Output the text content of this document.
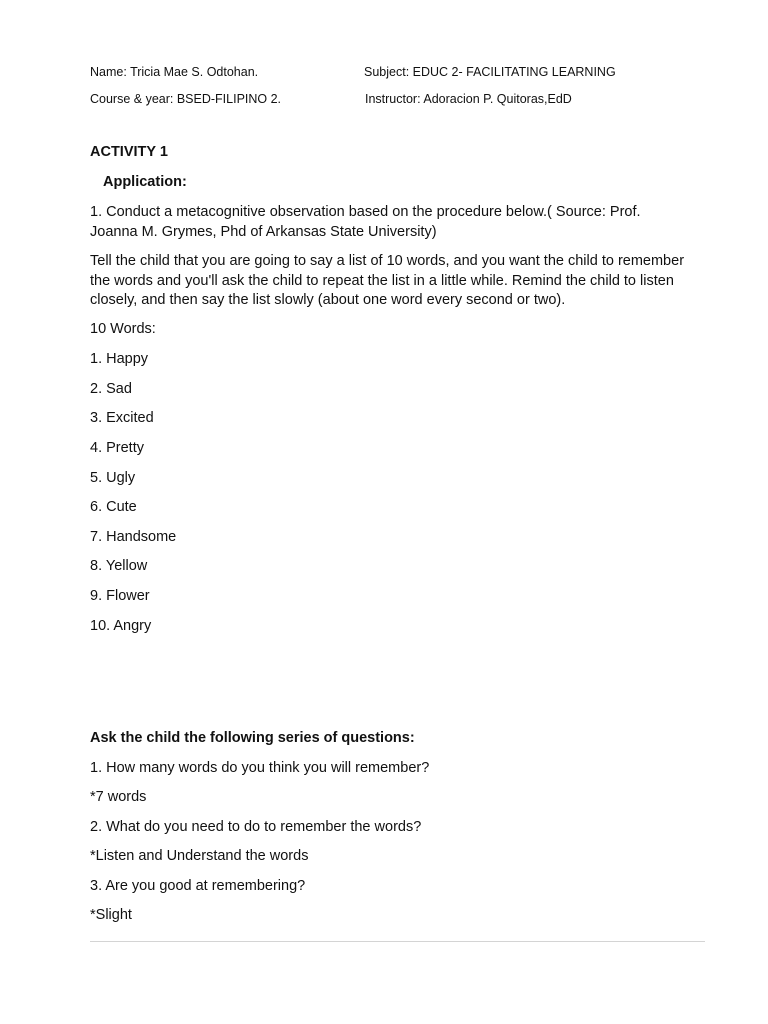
Name: Tricia Mae S. Odtohan.	Subject: EDUC 2- FACILITATING LEARNING
Course & year: BSED-FILIPINO 2.	Instructor: Adoracion P. Quitoras,EdD
ACTIVITY 1
Application:
1. Conduct a metacognitive observation based on the procedure below.( Source: Prof. Joanna M. Grymes, Phd of Arkansas State University)
Tell the child that you are going to say a list of 10 words, and you want the child to remember the words and you'll ask the child to repeat the list in a little while. Remind the child to listen closely, and then say the list slowly (about one word every second or two).
10 Words:
1. Happy
2. Sad
3. Excited
4. Pretty
5. Ugly
6. Cute
7. Handsome
8. Yellow
9. Flower
10. Angry
Ask the child the following series of questions:
1. How many words do you think you will remember?
*7 words
2. What do you need to do to remember the words?
*Listen and Understand the words
3. Are you good at remembering?
*Slight
